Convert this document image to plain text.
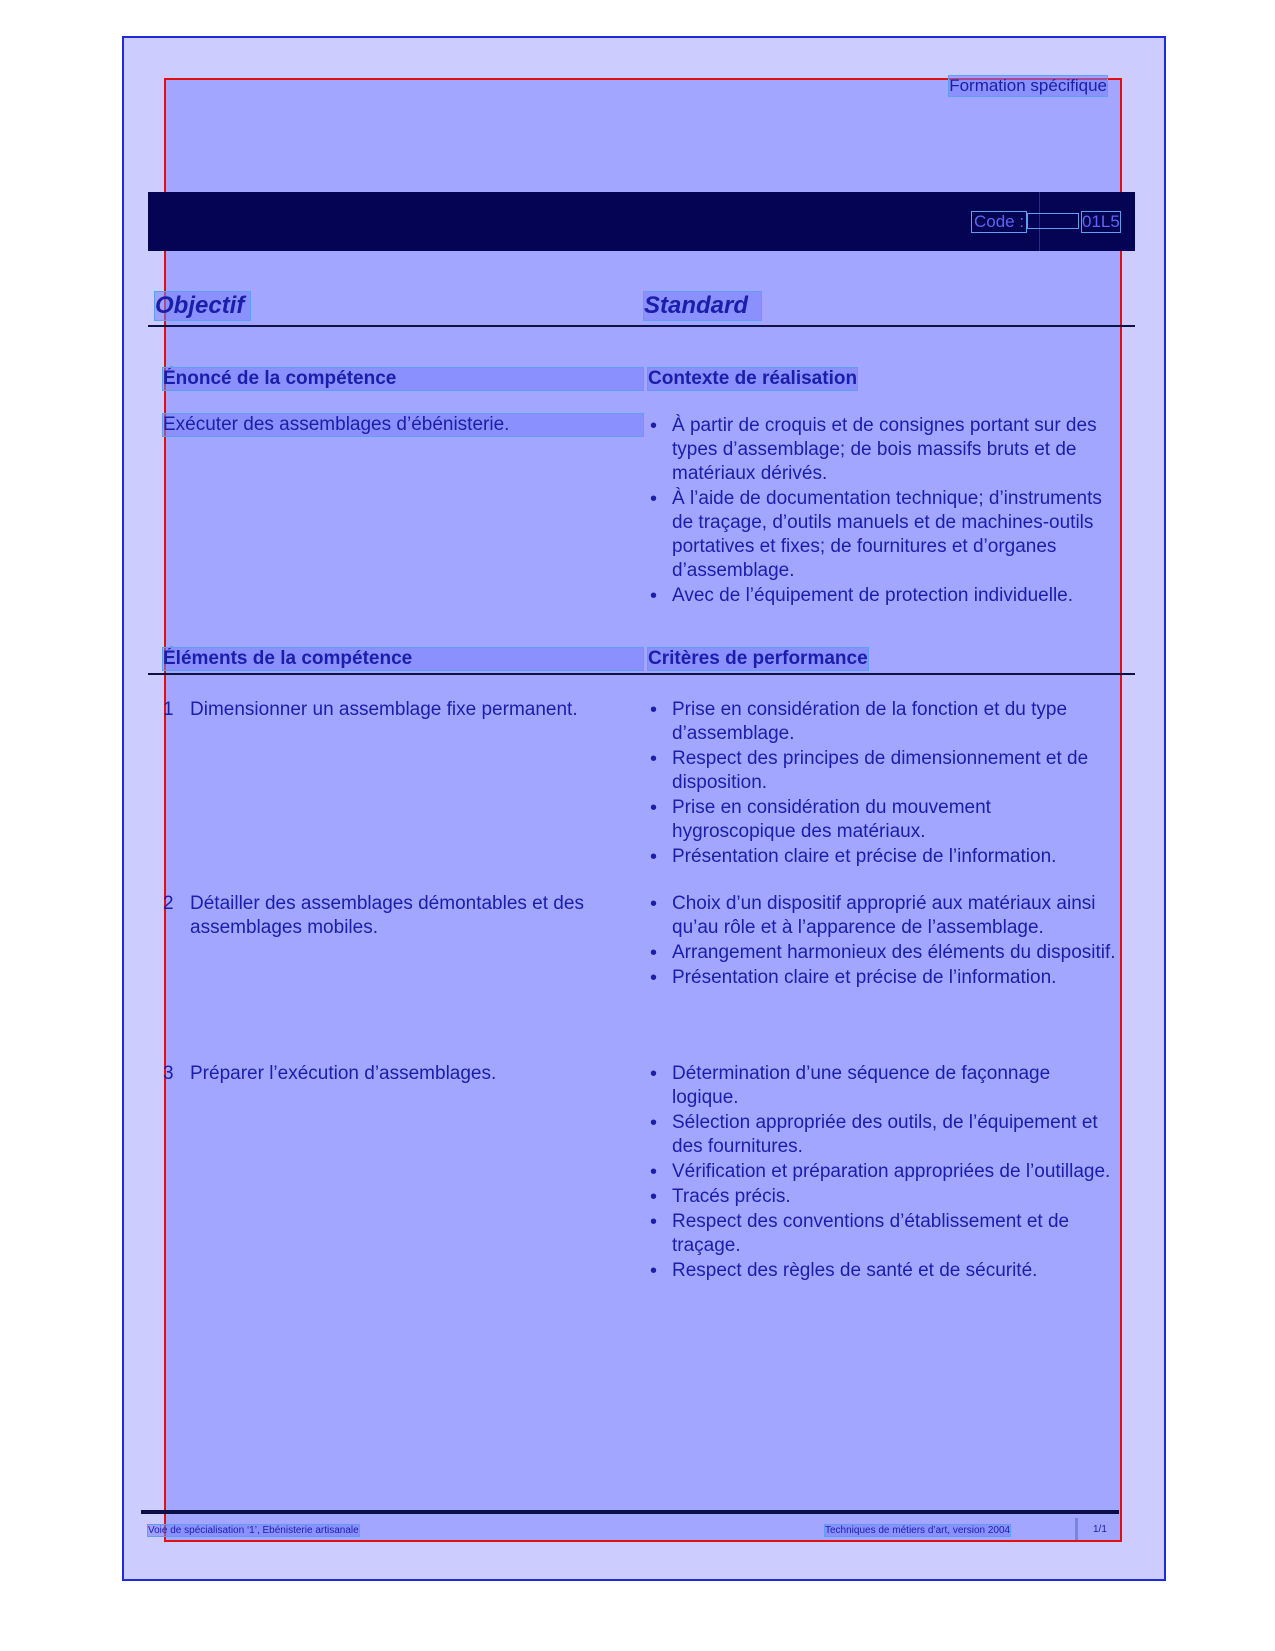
Formation spécifique
Code :	01L5
Objectif	Standard
Énoncé de la compétence	Contexte de réalisation
Exécuter des assemblages d’ébénisterie.	• À partir de croquis et de consignes portant sur des types d’assemblage; de bois massifs bruts et de matériaux dérivés.
• À l’aide de documentation technique; d’instruments de traçage, d’outils manuels et de machines-outils portatives et fixes; de fournitures et d’organes d’assemblage.
• Avec de l’équipement de protection individuelle.
Éléments de la compétence	Critères de performance
1 Dimensionner un assemblage fixe permanent.	• Prise en considération de la fonction et du type d’assemblage.
• Respect des principes de dimensionnement et de disposition.
• Prise en considération du mouvement hygroscopique des matériaux.
• Présentation claire et précise de l’information.
2 Détailler des assemblages démontables et des assemblages mobiles.
• Choix d’un dispositif approprié aux matériaux ainsi qu’au rôle et à l’apparence de l’assemblage.
• Arrangement harmonieux des éléments du dispositif.
• Présentation claire et précise de l’information.
3 Préparer l’exécution d’assemblages.	• Détermination d’une séquence de façonnage logique.
• Sélection appropriée des outils, de l’équipement et des fournitures.
• Vérification et préparation appropriées de l’outillage.
• Tracés précis.
• Respect des conventions d’établissement et de traçage.
• Respect des règles de santé et de sécurité.
Voie de spécialisation ‘1’, Ébénisterie artisanale	Techniques de métiers d’art, version 2004	1/1
